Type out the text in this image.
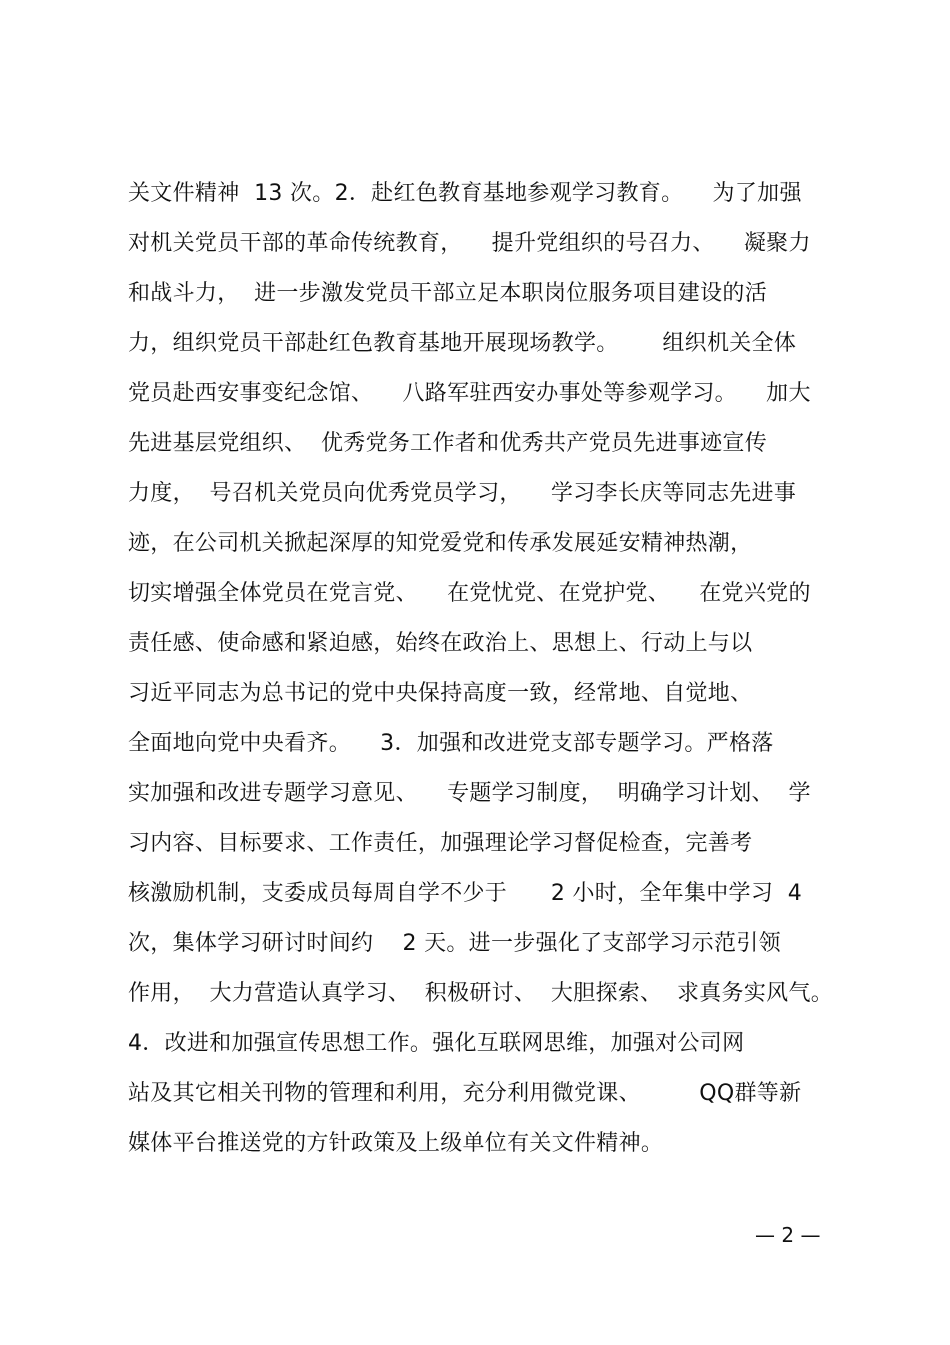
关文件精神  13 次。2．赴红色教育基地参观学习教育。    为了加强
对机关党员干部的革命传统教育，    提升党组织的号召力、    凝聚力
和战斗力，  进一步激发党员干部立足本职岗位服务项目建设的活
力，组织党员干部赴红色教育基地开展现场教学。      组织机关全体
党员赴西安事变纪念馆、    八路军驻西安办事处等参观学习。    加大
先进基层党组织、  优秀党务工作者和优秀共产党员先进事迹宣传
力度，  号召机关党员向优秀党员学习，    学习李长庆等同志先进事
迹，在公司机关掀起深厚的知党爱党和传承发展延安精神热潮，
切实增强全体党员在党言党、    在党忧党、在党护党、    在党兴党的
责任感、使命感和紧迫感，始终在政治上、思想上、行动上与以
习近平同志为总书记的党中央保持高度一致，经常地、自觉地、
全面地向党中央看齐。    3．加强和改进党支部专题学习。严格落
实加强和改进专题学习意见、    专题学习制度，  明确学习计划、  学
习内容、目标要求、工作责任，加强理论学习督促检查，完善考
核激励机制，支委成员每周自学不少于      2 小时，全年集中学习  4
次，集体学习研讨时间约    2 天。进一步强化了支部学习示范引领
作用，  大力营造认真学习、  积极研讨、  大胆探索、  求真务实风气。
4．改进和加强宣传思想工作。强化互联网思维，加强对公司网
站及其它相关刊物的管理和利用，充分利用微党课、        QQ群等新
媒体平台推送党的方针政策及上级单位有关文件精神。
— 2 —
